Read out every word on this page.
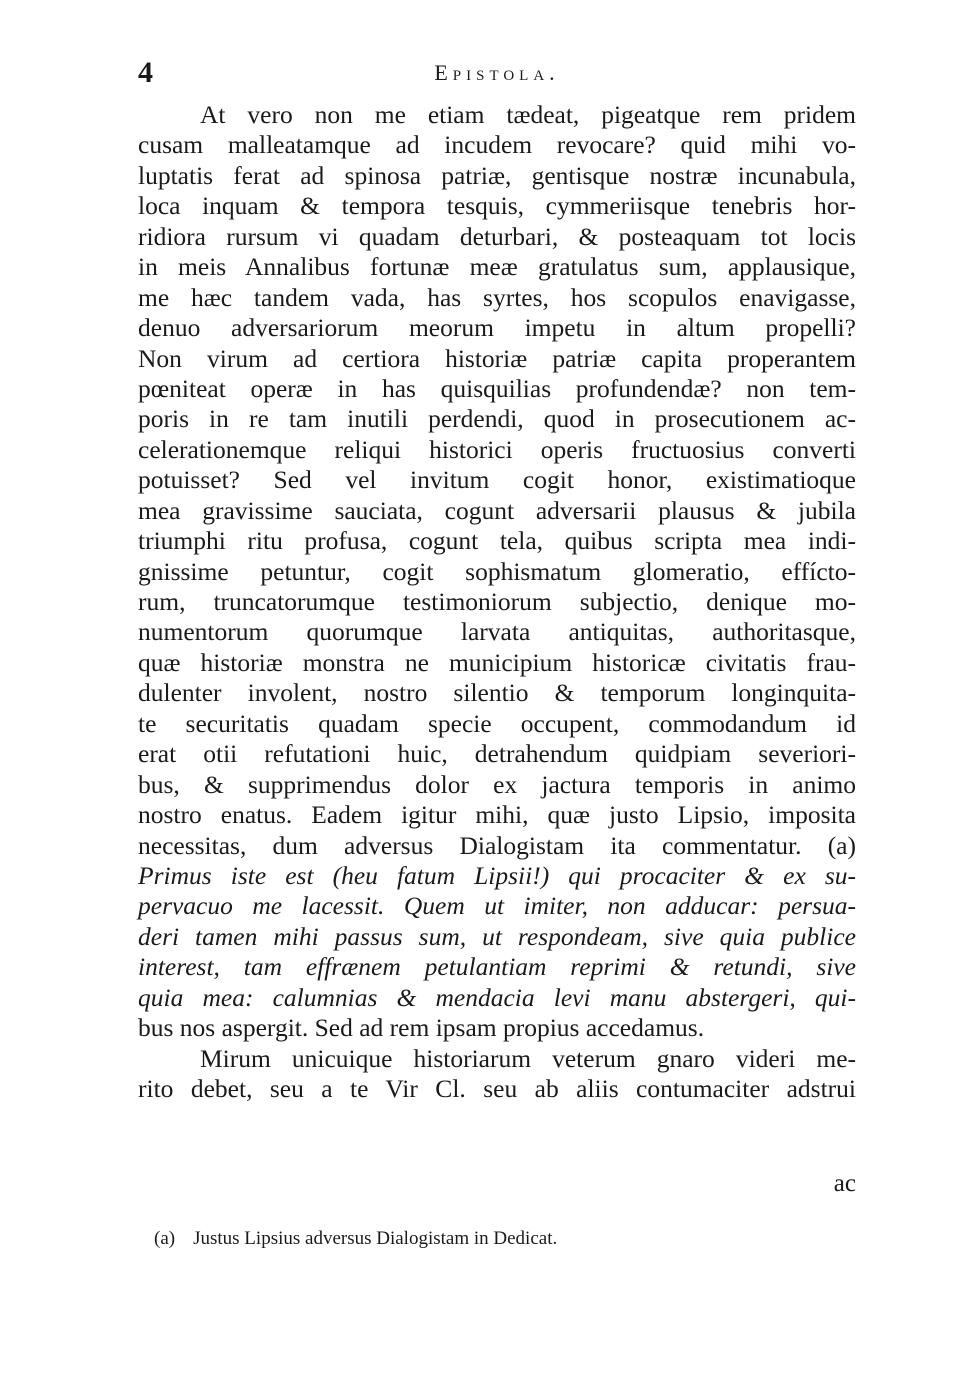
4	Epistola.
At vero non me etiam tædeat, pigeatque rem pridem
cusam malleatamque ad incudem revocare? quid mihi vo-
luptatis ferat ad spinosa patriæ, gentisque nostræ incunabula,
loca inquam & tempora tesquis, cymmeriisque tenebris hor-
ridiora rursum vi quadam deturbari, & posteaquam tot locis
in meis Annalibus fortunæ meæ gratulatus sum, applausique,
me hæc tandem vada, has syrtes, hos scopulos enavigasse,
denuo adversariorum meorum impetu in altum propelli?
Non virum ad certiora historiæ patriæ capita properantem
pœniteat operæ in has quisquilias profundendæ? non tem-
poris in re tam inutili perdendi, quod in prosecutionem ac-
celerationemque reliqui historici operis fructuosius converti
potuisset? Sed vel invitum cogit honor, existimatioque
mea gravissime sauciata, cogunt adversarii plausus & jubila
triumphi ritu profusa, cogunt tela, quibus scripta mea indi-
gnissime petuntur, cogit sophismatum glomeratio, effícto-
rum, truncatorumque testimoniorum subjectio, denique mo-
numentorum quorumque larvata antiquitas, authoritasque,
quæ historiæ monstra ne municipium historicæ civitatis frau-
dulenter involent, nostro silentio & temporum longinquita-
te securitatis quadam specie occupent, commodandum id
erat otii refutationi huic, detrahendum quidpiam severiori-
bus, & supprimendus dolor ex jactura temporis in animo
nostro enatus. Eadem igitur mihi, quæ justo Lipsio, imposita
necessitas, dum adversus Dialogistam ita commentatur. (a)
Primus iste est (heu fatum Lipsii!) qui procaciter & ex su-
pervacuo me lacessit. Quem ut imiter, non adducar: persua-
deri tamen mihi passus sum, ut respondeam, sive quia publice
interest, tam effrænem petulantiam reprimi & retundi, sive
quia mea: calumnias & mendacia levi manu abstergeri, qui-
bus nos aspergit. Sed ad rem ipsam propius accedamus.
Mirum unicuique historiarum veterum gnaro videri me-
rito debet, seu a te Vir Cl. seu ab aliis contumaciter adstrui
ac
(a) Justus Lipsius adversus Dialogistam in Dedicat.
